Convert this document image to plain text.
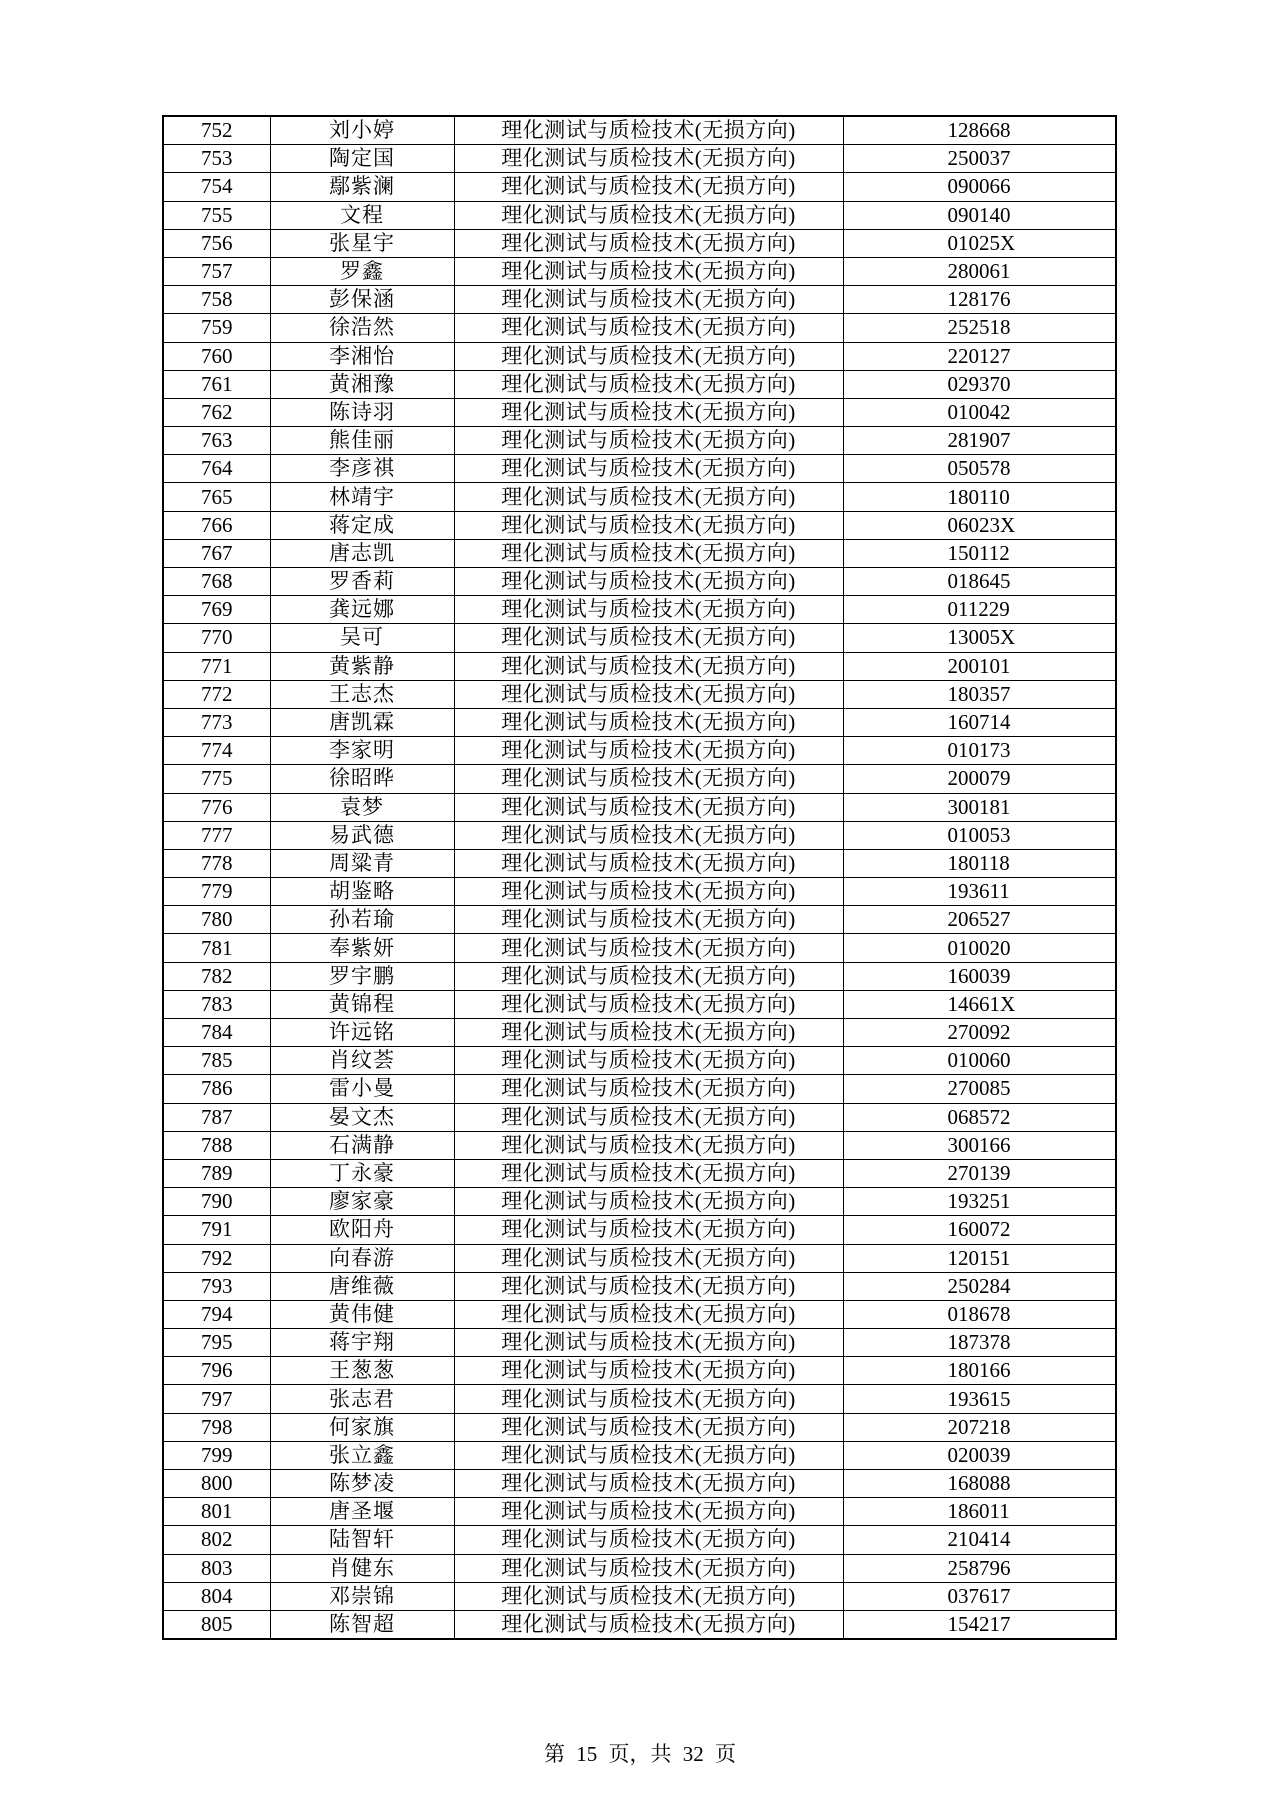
752	刘小婷	理化测试与质检技术(无损方向)	128668
753	陶定国	理化测试与质检技术(无损方向)	250037
754	鄢紫澜	理化测试与质检技术(无损方向)	090066
755	文程	理化测试与质检技术(无损方向)	090140
756	张星宇	理化测试与质检技术(无损方向)	01025X
757	罗鑫	理化测试与质检技术(无损方向)	280061
758	彭保涵	理化测试与质检技术(无损方向)	128176
759	徐浩然	理化测试与质检技术(无损方向)	252518
760	李湘怡	理化测试与质检技术(无损方向)	220127
761	黄湘豫	理化测试与质检技术(无损方向)	029370
762	陈诗羽	理化测试与质检技术(无损方向)	010042
763	熊佳丽	理化测试与质检技术(无损方向)	281907
764	李彦祺	理化测试与质检技术(无损方向)	050578
765	林靖宇	理化测试与质检技术(无损方向)	180110
766	蒋定成	理化测试与质检技术(无损方向)	06023X
767	唐志凯	理化测试与质检技术(无损方向)	150112
768	罗香莉	理化测试与质检技术(无损方向)	018645
769	龚远娜	理化测试与质检技术(无损方向)	011229
770	吴可	理化测试与质检技术(无损方向)	13005X
771	黄紫静	理化测试与质检技术(无损方向)	200101
772	王志杰	理化测试与质检技术(无损方向)	180357
773	唐凯霖	理化测试与质检技术(无损方向)	160714
774	李家明	理化测试与质检技术(无损方向)	010173
775	徐昭晔	理化测试与质检技术(无损方向)	200079
776	袁梦	理化测试与质检技术(无损方向)	300181
777	易武德	理化测试与质检技术(无损方向)	010053
778	周粱青	理化测试与质检技术(无损方向)	180118
779	胡鉴略	理化测试与质检技术(无损方向)	193611
780	孙若瑜	理化测试与质检技术(无损方向)	206527
781	奉紫妍	理化测试与质检技术(无损方向)	010020
782	罗宇鹏	理化测试与质检技术(无损方向)	160039
783	黄锦程	理化测试与质检技术(无损方向)	14661X
784	许远铭	理化测试与质检技术(无损方向)	270092
785	肖纹荟	理化测试与质检技术(无损方向)	010060
786	雷小曼	理化测试与质检技术(无损方向)	270085
787	晏文杰	理化测试与质检技术(无损方向)	068572
788	石满静	理化测试与质检技术(无损方向)	300166
789	丁永豪	理化测试与质检技术(无损方向)	270139
790	廖家豪	理化测试与质检技术(无损方向)	193251
791	欧阳舟	理化测试与质检技术(无损方向)	160072
792	向春游	理化测试与质检技术(无损方向)	120151
793	唐维薇	理化测试与质检技术(无损方向)	250284
794	黄伟健	理化测试与质检技术(无损方向)	018678
795	蒋宇翔	理化测试与质检技术(无损方向)	187378
796	王葱葱	理化测试与质检技术(无损方向)	180166
797	张志君	理化测试与质检技术(无损方向)	193615
798	何家旗	理化测试与质检技术(无损方向)	207218
799	张立鑫	理化测试与质检技术(无损方向)	020039
800	陈梦凌	理化测试与质检技术(无损方向)	168088
801	唐圣堰	理化测试与质检技术(无损方向)	186011
802	陆智轩	理化测试与质检技术(无损方向)	210414
803	肖健东	理化测试与质检技术(无损方向)	258796
804	邓崇锦	理化测试与质检技术(无损方向)	037617
805	陈智超	理化测试与质检技术(无损方向)	154217
第 15 页，共 32 页
